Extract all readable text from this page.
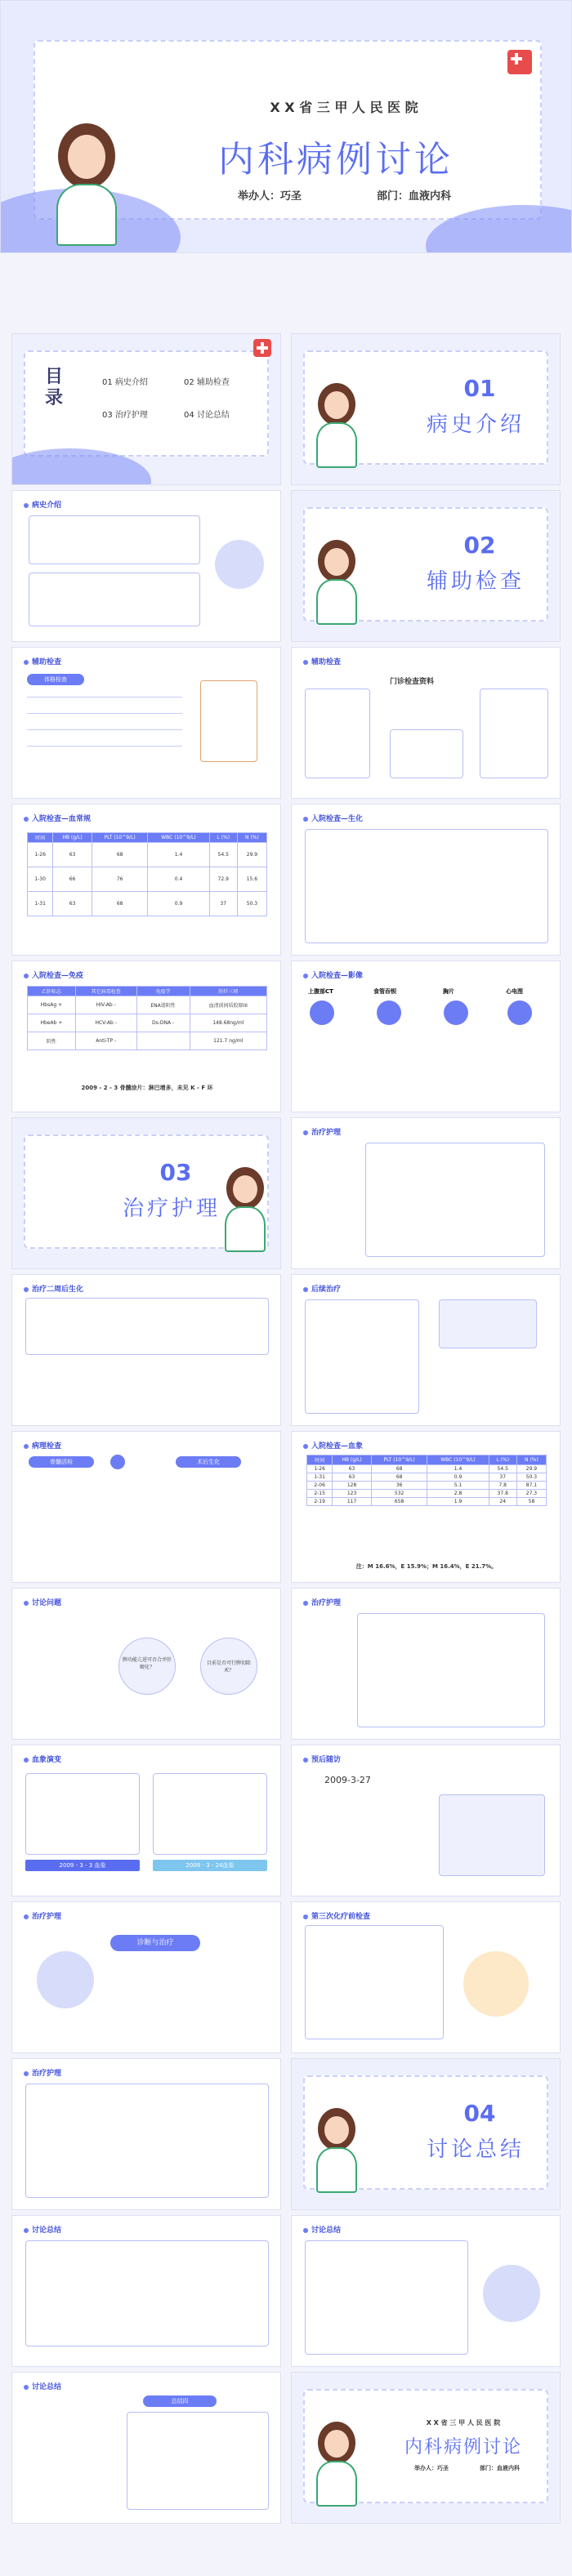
X X 省 三 甲 人 民 医 院
内科病例讨论
举办人：巧圣	部门：血液内科
目录
01 病史介绍	02 辅助检查
03 治疗护理	04 讨论总结
01
病史介绍
病史介绍
02
辅助检查
辅助检查
体格检查
辅助检查
门诊检查资料
入院检查—血常规
时间	HB (g/L)	PLT (10^9/L)	WBC (10^9/L)	L (%)	N (%)
1-26	63	68	1.4	54.5	29.9
1-30	66	76	0.4	72.9	15.6
1-31	63	68	0.9	37	50.3
入院检查—生化
入院检查—免疫
乙肝标志	其它病毒检查	免疫学	肝纤三项
HbsAg +	HIV-Ab -	ENA谱阴性	血清前间质胶原III
HbeAb +	HCV-Ab -	Ds-DNA -	148.68ng/ml
阴性	Anti-TP -		121.7 ng/ml
2009 - 2 - 3 骨髓涂片：淋巴增多，未见 K - F 环
入院检查—影像
上腹部CT	食管吞钡	胸片	心电图
03
治疗护理
治疗护理
治疗二周后生化	后续治疗
病理检查
骨髓活检	术后生化
入院检查—血象
时间	HB (g/L)	PLT (10^9/L)	WBC (10^9/L)	L (%)	N (%)
1-26	63	68	1.4	54.5	29.9
1-31	63	68	0.9	37	50.3
2-06	128	36	5.1	7.8	87.1
2-15	123	532	2.8	37.8	27.3
2-19	117	658	1.9	24	58
注：M 16.6%，E 15.9%；M 16.4%，E 21.7%。
讨论问题
脾功能亢进可否合并肝硬化？
目前是否可行脾切除术？
治疗护理
血象演变
2009 - 3 - 3 血象	2009 - 3 - 24血象
预后随访
2009-3-27
治疗护理
诊断与治疗
第三次化疗前检查
治疗护理
04
讨论总结
讨论总结	讨论总结
讨论总结
总结四
X X 省 三 甲 人 民 医 院
内科病例讨论
举办人：巧圣	部门：血液内科
